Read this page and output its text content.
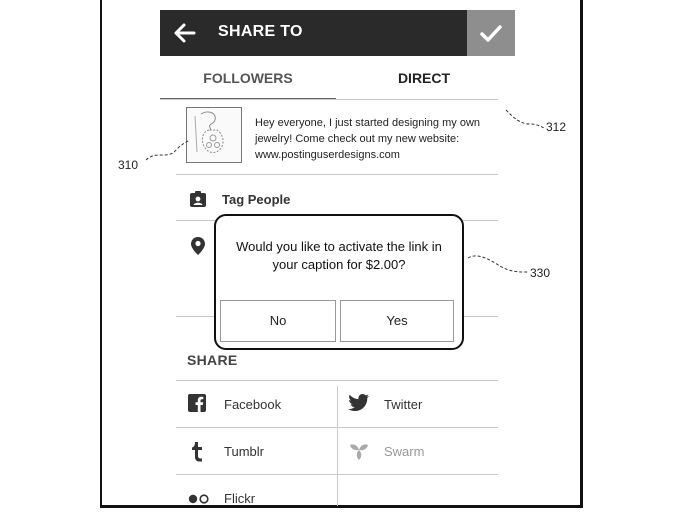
SHARE TO
FOLLOWERS	DIRECT
Hey everyone, I just started designing my own jewelry! Come check out my new website: www.postinguserdesigns.com
310
312
330
Tag People
Would you like to activate the link in your caption for $2.00?
No	Yes
SHARE
Facebook	Twitter
Tumblr	Swarm
Flickr
